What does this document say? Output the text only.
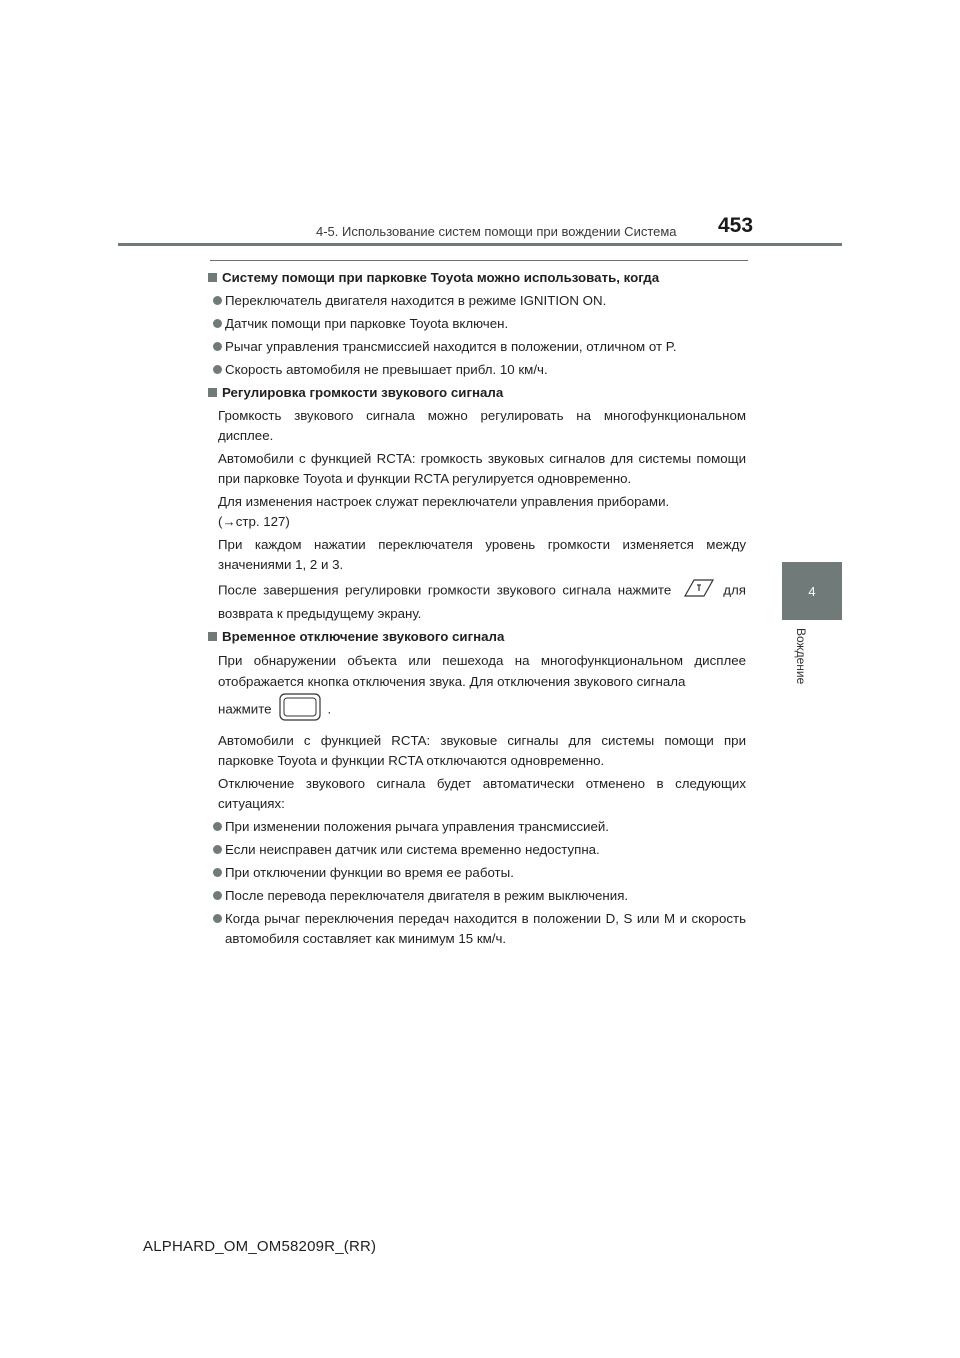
4-5. Использование систем помощи при вождении Система 453
4
Вождение
Систему помощи при парковке Toyota можно использовать, когда
Переключатель двигателя находится в режиме IGNITION ON.
Датчик помощи при парковке Toyota включен.
Рычаг управления трансмиссией находится в положении, отличном от P.
Скорость автомобиля не превышает прибл. 10 км/ч.
Регулировка громкости звукового сигнала
Громкость звукового сигнала можно регулировать на многофункциональном дисплее.
Автомобили с функцией RCTA: громкость звуковых сигналов для системы помощи при парковке Toyota и функции RCTA регулируется одновременно.
Для изменения настроек служат переключатели управления приборами.
(→стр. 127)
При каждом нажатии переключателя уровень громкости изменяется между значениями 1, 2 и 3.
После завершения регулировки громкости звукового сигнала нажмите	для возврата к предыдущему экрану.
Временное отключение звукового сигнала
При обнаружении объекта или пешехода на многофункциональном дисплее отображается кнопка отключения звука. Для отключения звукового сигнала
нажмите	.
Автомобили с функцией RCTA: звуковые сигналы для системы помощи при парковке Toyota и функции RCTA отключаются одновременно.
Отключение звукового сигнала будет автоматически отменено в следующих ситуациях:
При изменении положения рычага управления трансмиссией.
Если неисправен датчик или система временно недоступна.
При отключении функции во время ее работы.
После перевода переключателя двигателя в режим выключения.
Когда рычаг переключения передач находится в положении D, S или M и скорость автомобиля составляет как минимум 15 км/ч.
ALPHARD_OM_OM58209R_(RR)
